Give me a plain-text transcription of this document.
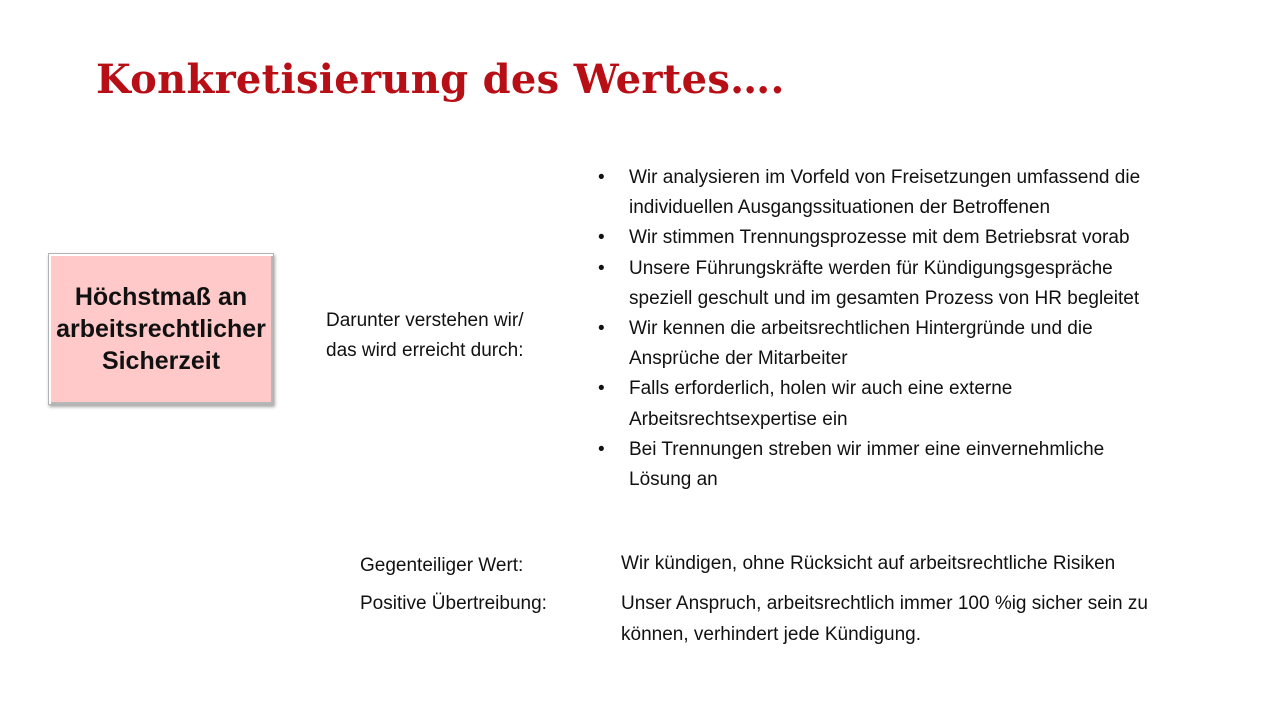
Konkretisierung des Wertes….
Höchstmaß an
arbeitsrechtlicher
Sicherzeit
Darunter verstehen wir/
das wird erreicht durch:
• Wir analysieren im Vorfeld von Freisetzungen umfassend die
individuellen Ausgangssituationen der Betroffenen
• Wir stimmen Trennungsprozesse mit dem Betriebsrat vorab
• Unsere Führungskräfte werden für Kündigungsgespräche
speziell geschult und im gesamten Prozess von HR begleitet
• Wir kennen die arbeitsrechtlichen Hintergründe und die
Ansprüche der Mitarbeiter
• Falls erforderlich, holen wir auch eine externe
Arbeitsrechtsexpertise ein
• Bei Trennungen streben wir immer eine einvernehmliche
Lösung an
Gegenteiliger Wert:	Wir kündigen, ohne Rücksicht auf arbeitsrechtliche Risiken
Positive Übertreibung:	Unser Anspruch, arbeitsrechtlich immer 100 %ig sicher sein zu
können, verhindert jede Kündigung.
